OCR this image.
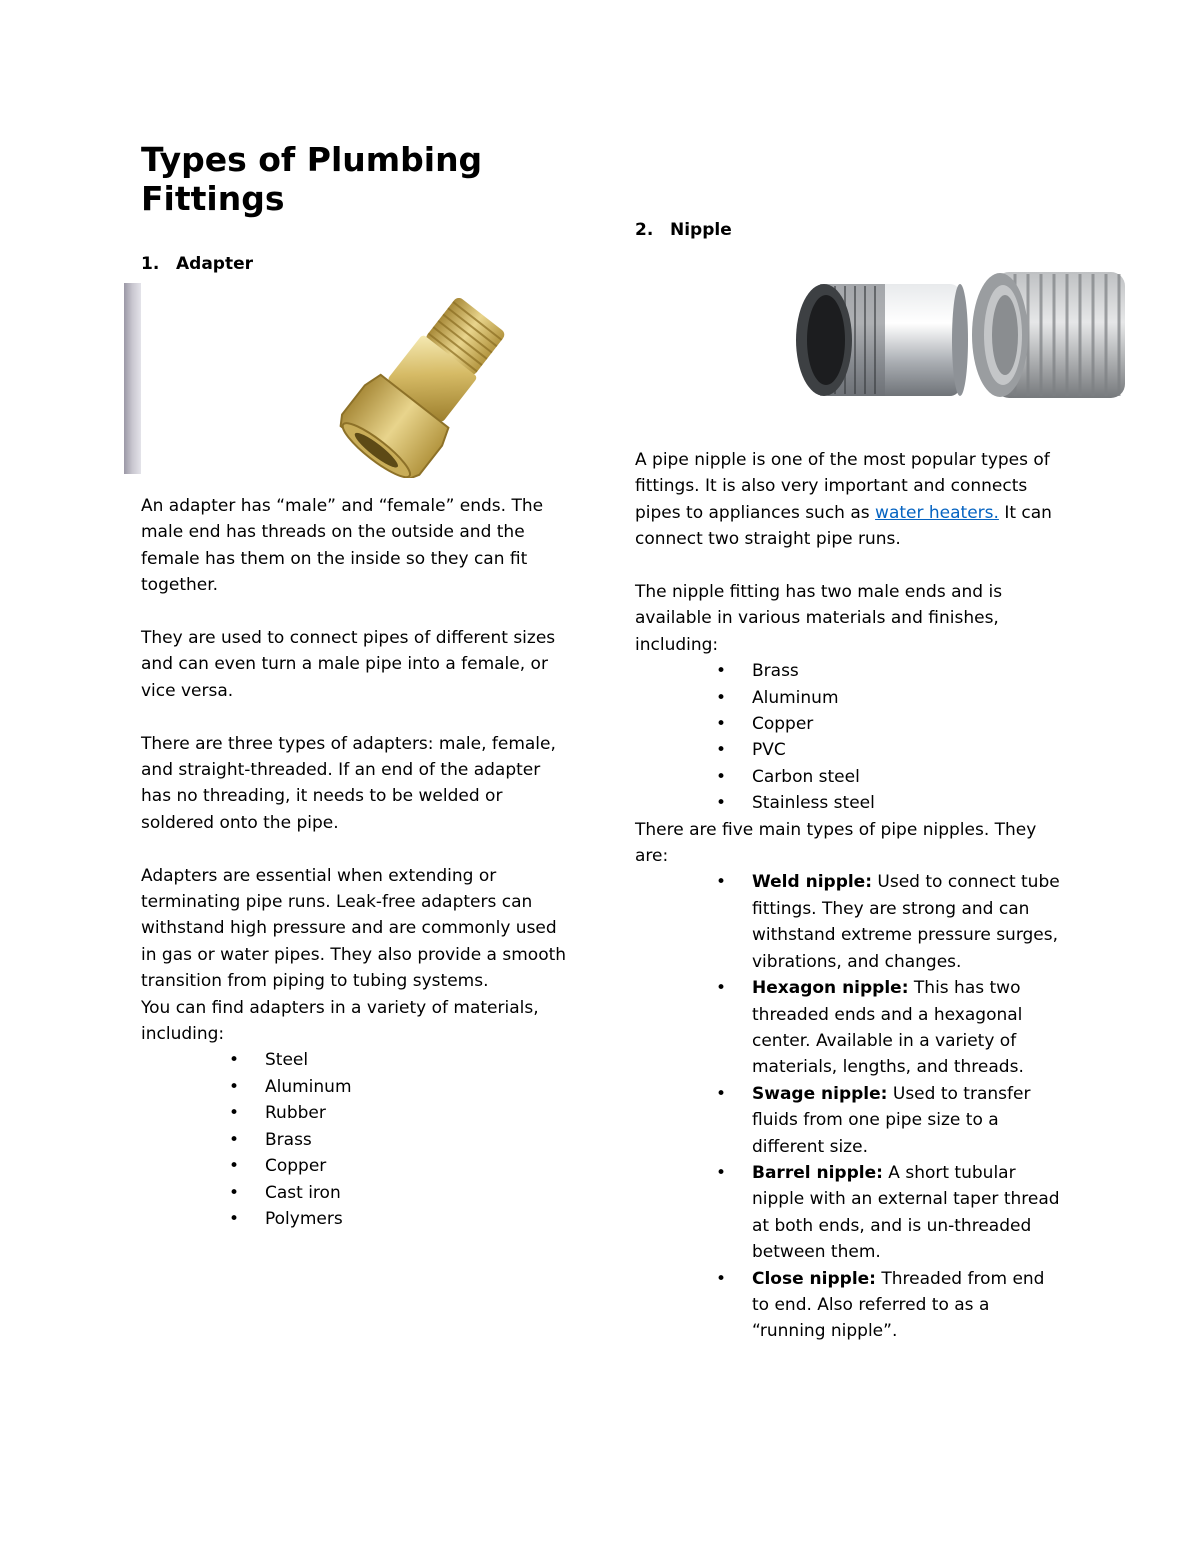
Types of Plumbing Fittings
1. Adapter

An adapter has “male” and “female” ends. The male end has threads on the outside and the female has them on the inside so they can fit together.

They are used to connect pipes of different sizes and can even turn a male pipe into a female, or vice versa.

There are three types of adapters: male, female, and straight-threaded. If an end of the adapter has no threading, it needs to be welded or soldered onto the pipe.

Adapters are essential when extending or terminating pipe runs. Leak-free adapters can withstand high pressure and are commonly used in gas or water pipes. They also provide a smooth transition from piping to tubing systems.

You can find adapters in a variety of materials, including:

• Steel
• Aluminum
• Rubber
• Brass
• Copper
• Cast iron
• Polymers
2. Nipple

A pipe nipple is one of the most popular types of fittings. It is also very important and connects pipes to appliances such as water heaters. It can connect two straight pipe runs.

The nipple fitting has two male ends and is available in various materials and finishes, including:

• Brass
• Aluminum
• Copper
• PVC
• Carbon steel
• Stainless steel

There are five main types of pipe nipples. They are:

• Weld nipple: Used to connect tube fittings. They are strong and can withstand extreme pressure surges, vibrations, and changes.
• Hexagon nipple: This has two threaded ends and a hexagonal center. Available in a variety of materials, lengths, and threads.
• Swage nipple: Used to transfer fluids from one pipe size to a different size.
• Barrel nipple: A short tubular nipple with an external taper thread at both ends, and is un-threaded between them.
• Close nipple: Threaded from end to end. Also referred to as a “running nipple”.
